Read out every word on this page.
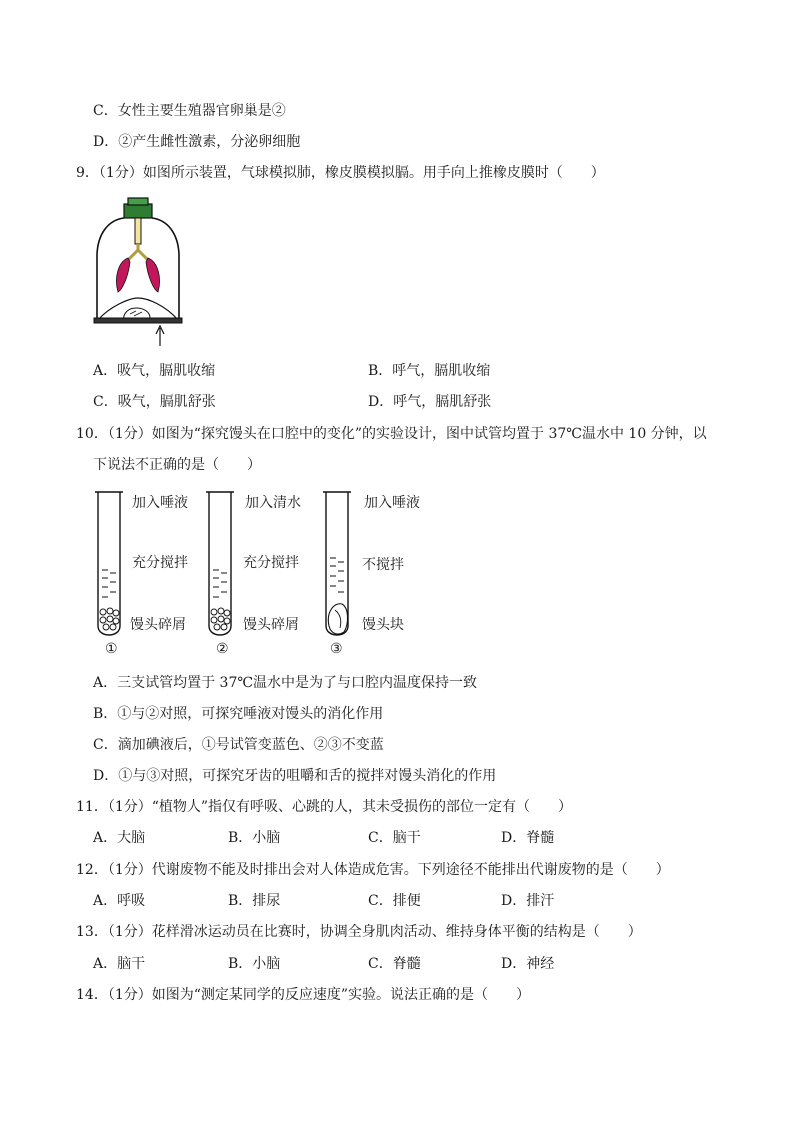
C．女性主要生殖器官卵巢是②
D．②产生雌性激素，分泌卵细胞
9．（1分）如图所示装置，气球模拟肺，橡皮膜模拟膈。用手向上推橡皮膜时（　　）
A．吸气，膈肌收缩	B．呼气，膈肌收缩
C．吸气，膈肌舒张	D．呼气，膈肌舒张
10．（1分）如图为“探究馒头在口腔中的变化”的实验设计，图中试管均置于 37℃温水中 10 分钟，以
下说法不正确的是（　　）
加入唾液
充分搅拌
馒头碎屑
①
加入清水
充分搅拌
馒头碎屑
②
加入唾液
不搅拌
馒头块
③
A．三支试管均置于 37℃温水中是为了与口腔内温度保持一致
B．①与②对照，可探究唾液对馒头的消化作用
C．滴加碘液后，①号试管变蓝色、②③不变蓝
D．①与③对照，可探究牙齿的咀嚼和舌的搅拌对馒头消化的作用
11．（1分）“植物人”指仅有呼吸、心跳的人，其未受损伤的部位一定有（　　）
A．大脑	B．小脑	C．脑干	D．脊髓
12．（1分）代谢废物不能及时排出会对人体造成危害。下列途径不能排出代谢废物的是（　　）
A．呼吸	B．排尿	C．排便	D．排汗
13．（1分）花样滑冰运动员在比赛时，协调全身肌肉活动、维持身体平衡的结构是（　　）
A．脑干	B．小脑	C．脊髓	D．神经
14．（1分）如图为“测定某同学的反应速度”实验。说法正确的是（　　）
